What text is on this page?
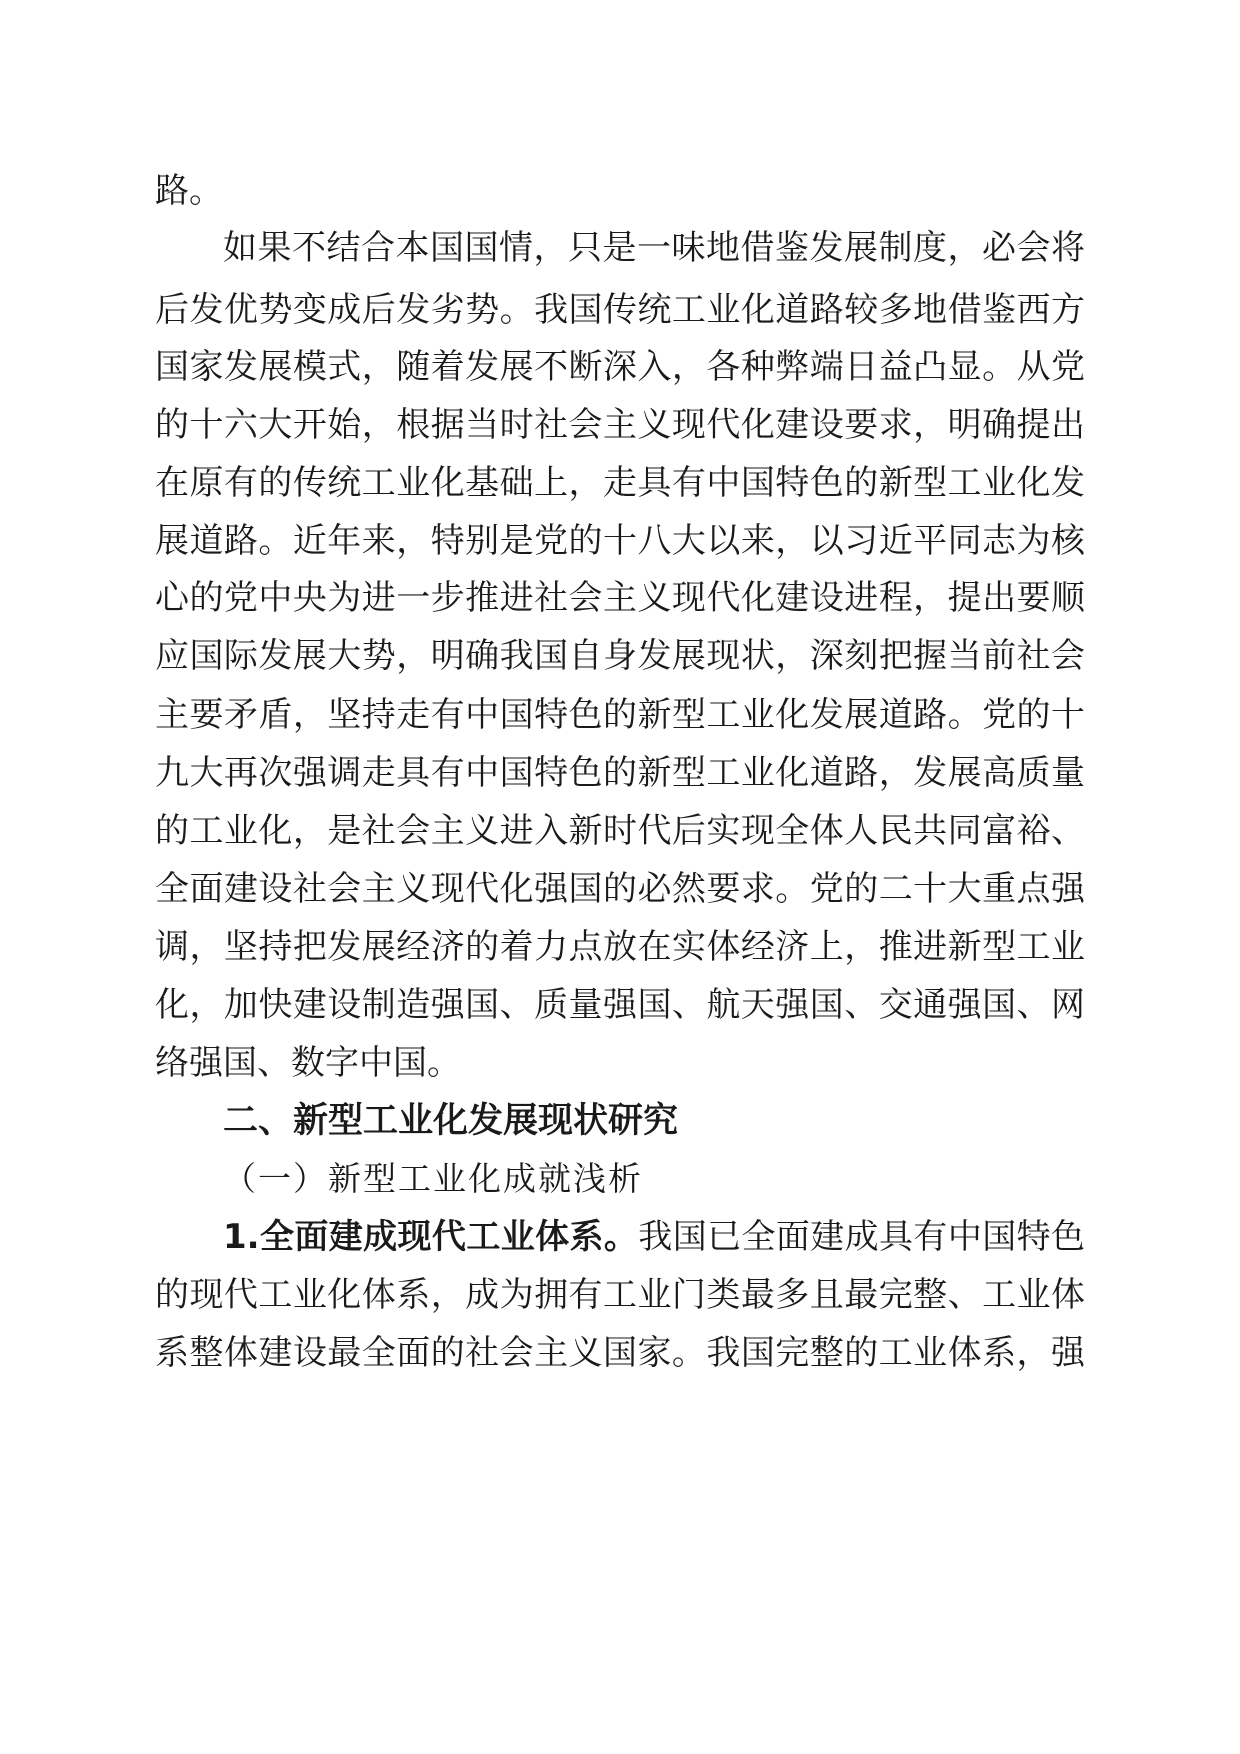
路。
如果不结合本国国情，只是一味地借鉴发展制度，必会将
后发优势变成后发劣势。我国传统工业化道路较多地借鉴西方
国家发展模式，随着发展不断深入，各种弊端日益凸显。从党
的十六大开始，根据当时社会主义现代化建设要求，明确提出
在原有的传统工业化基础上，走具有中国特色的新型工业化发
展道路。近年来，特别是党的十八大以来，以习近平同志为核
心的党中央为进一步推进社会主义现代化建设进程，提出要顺
应国际发展大势，明确我国自身发展现状，深刻把握当前社会
主要矛盾，坚持走有中国特色的新型工业化发展道路。党的十
九大再次强调走具有中国特色的新型工业化道路，发展高质量
的工业化，是社会主义进入新时代后实现全体人民共同富裕、
全面建设社会主义现代化强国的必然要求。党的二十大重点强
调，坚持把发展经济的着力点放在实体经济上，推进新型工业
化，加快建设制造强国、质量强国、航天强国、交通强国、网
络强国、数字中国。
二、新型工业化发展现状研究
（一）新型工业化成就浅析
1.全面建成现代工业体系。我国已全面建成具有中国特色
的现代工业化体系，成为拥有工业门类最多且最完整、工业体
系整体建设最全面的社会主义国家。我国完整的工业体系，强
